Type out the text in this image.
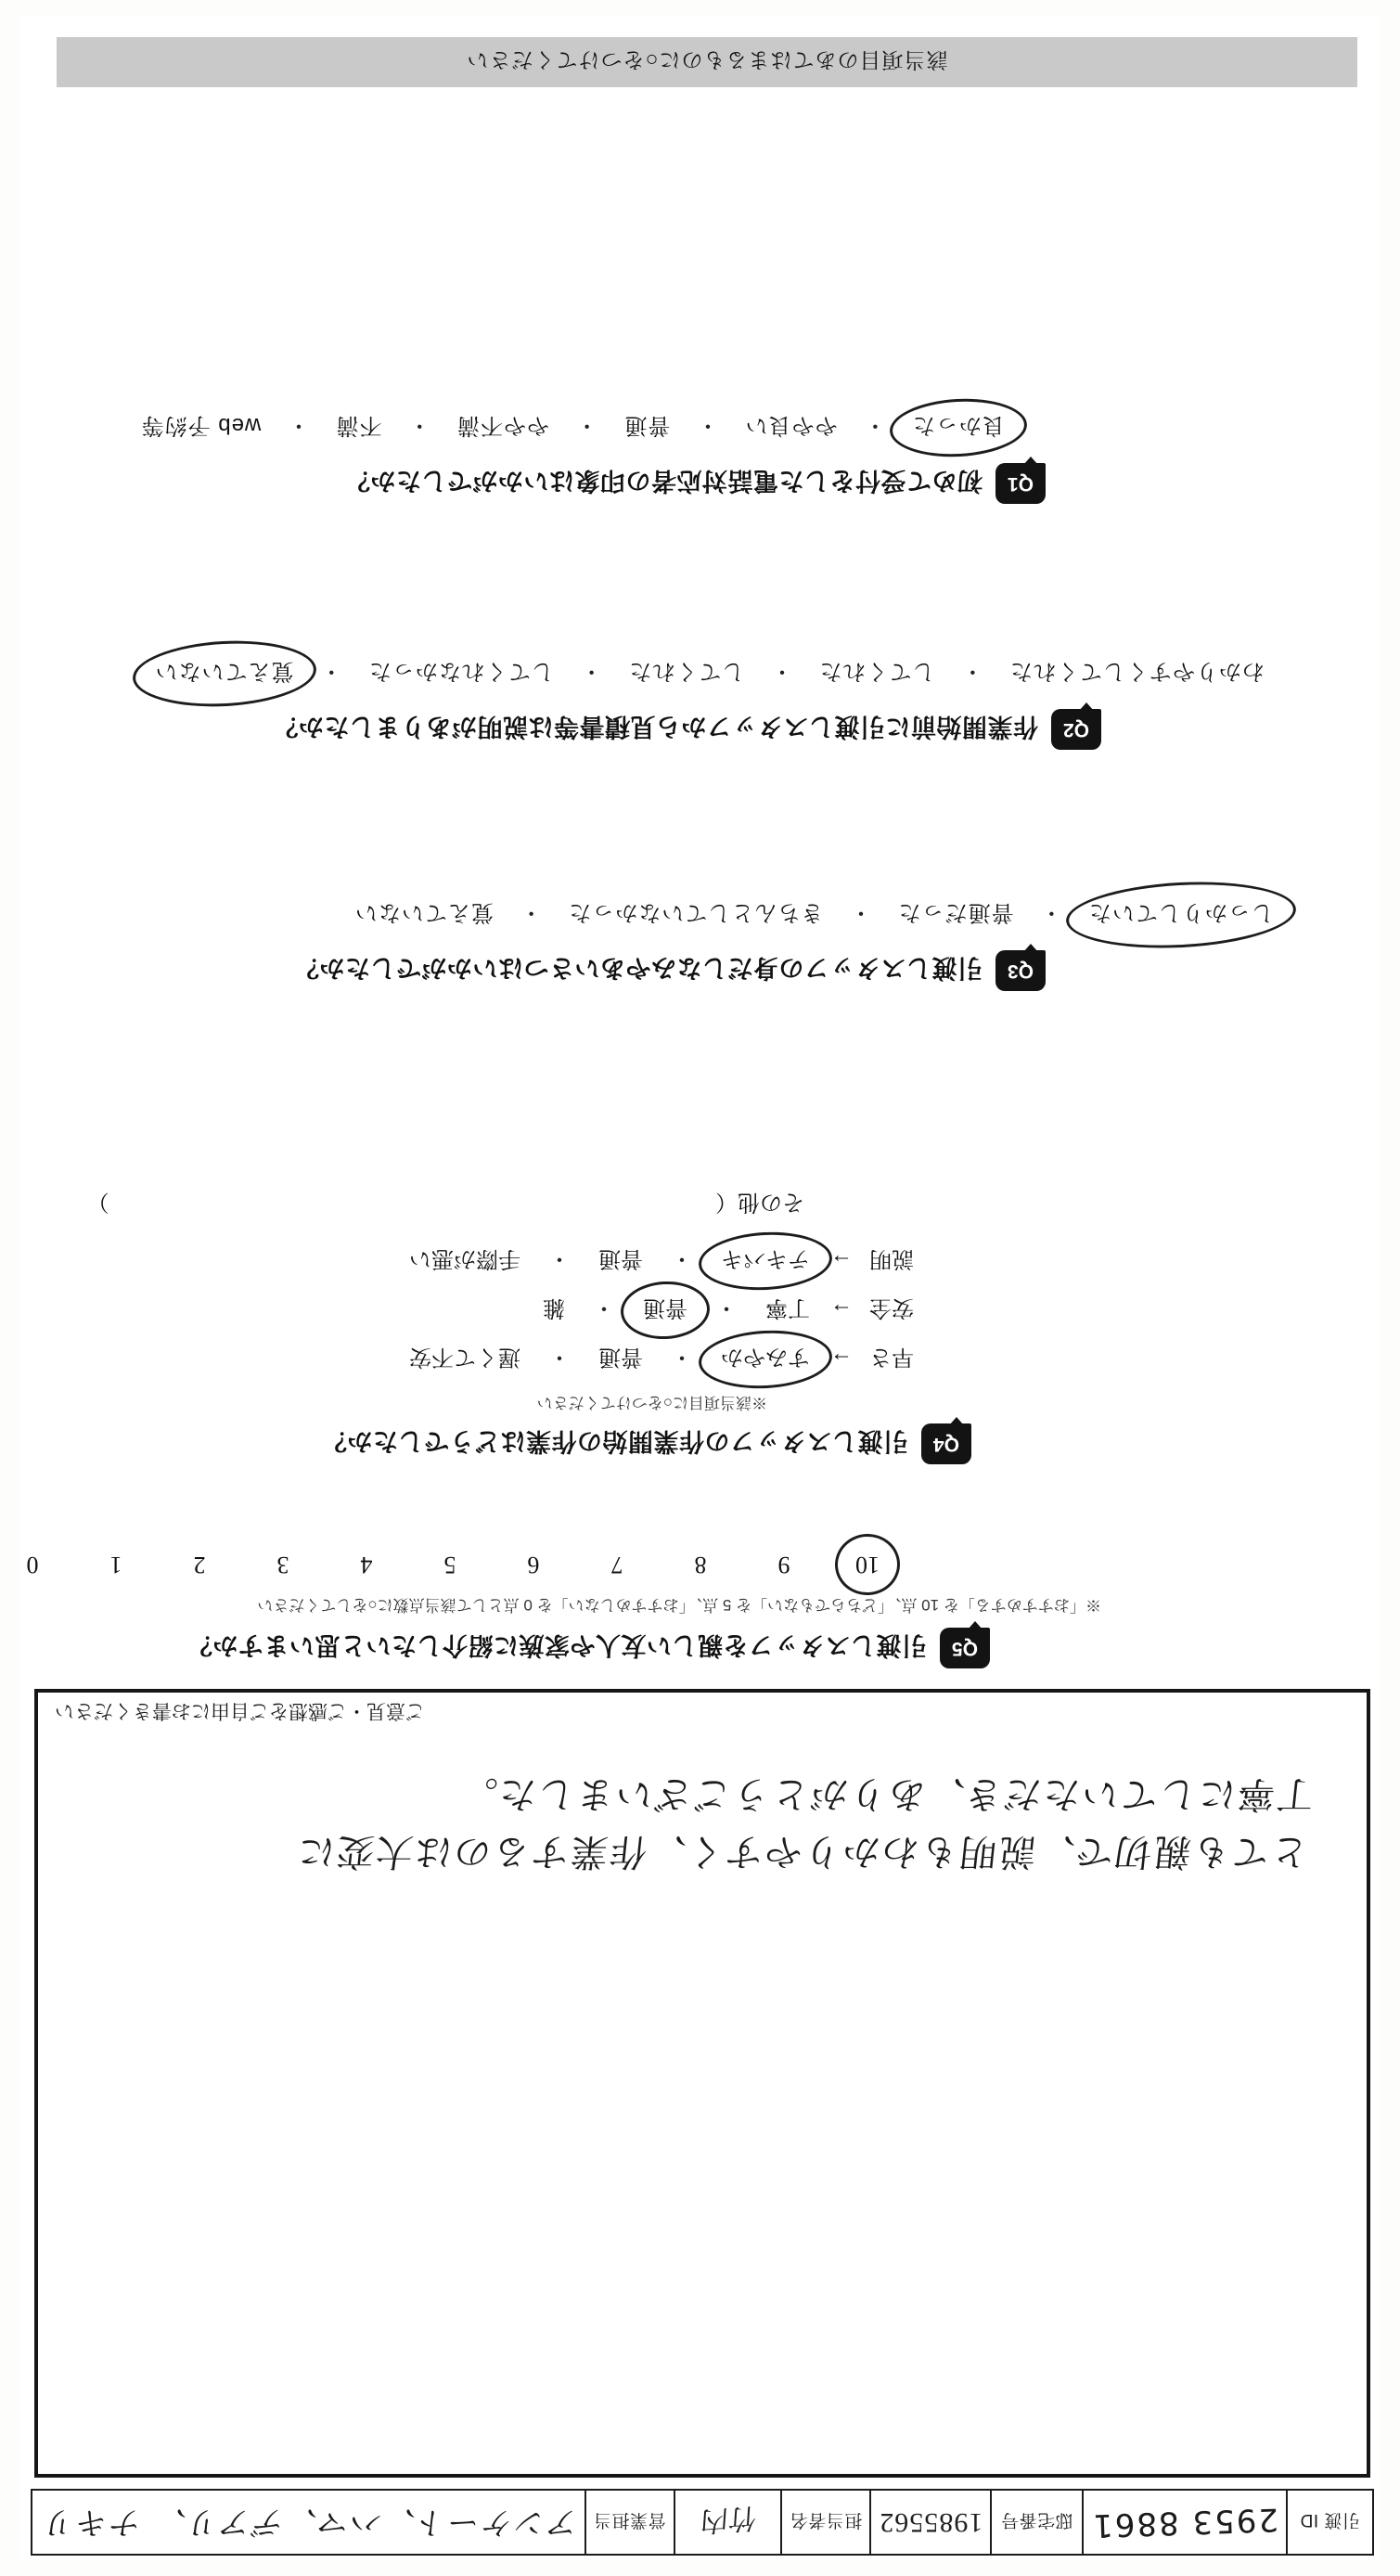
引渡 ID
2953 8861
邸宅番号
1985562
担当者名
竹内
営業担当
アンケート、ハマ、デアリ、 ナキリ
とても親切で、説明もわかりやすく、作業するのは大変に
丁寧にしていただき、ありがとうございました。
ご意見・ご感想をご自由にお書きください
Q5
引渡しスタッフを親しい友人や家族に紹介したいと思いますか？
※「おすすめする」を 10 点、「どちらでもない」を 5 点、「おすすめしない」を 0 点として該当点数に○をしてください
0	1	2	3	4	5	6	7	8	9	10
Q4
引渡しスタッフの作業開始の作業はどうでしたか？
※該当項目に○をつけてください
早さ
→
すみやか
・
普通
・
遅くて不安
安全
→
丁寧
・
普通
・
雑
説明
→
テキパキ
・
普通
・
手際が悪い
その他（  ）
Q3
引渡しスタッフの身だしなみやあいさつはいかがでしたか？
しっかりしていた ・ 普通だった ・ きちんとしていなかった ・ 覚えていない
Q2
作業開始前に引渡しスタッフから見積書等は説明がありましたか？
わかりやすくしてくれた ・ してくれた ・ してくれた ・ してくれなかった ・ 覚えていない
Q1
初めて受付をした電話対応者の印象はいかがでしたか？
良かった ・ やや良い ・ 普通 ・ やや不満 ・ 不満 ・ web 予約等
該当項目のあてはまるものに○をつけてください
